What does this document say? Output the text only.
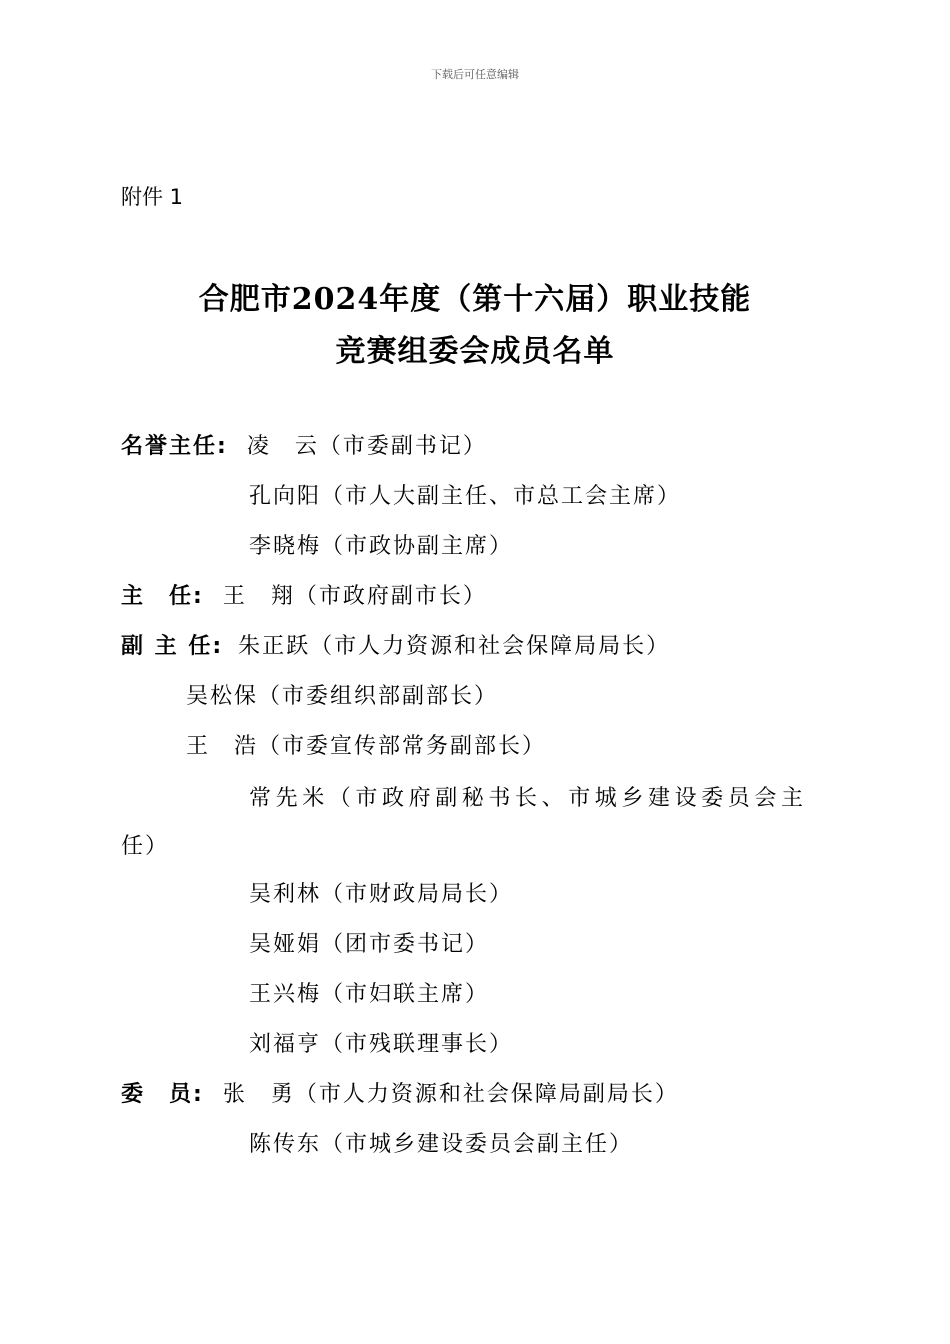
下载后可任意编辑
附件 1
合肥市2024年度（第十六届）职业技能
竞赛组委会成员名单
名誉主任: 凌　云（市委副书记）
孔向阳（市人大副主任、市总工会主席）
李晓梅（市政协副主席）
主　任: 王　翔（市政府副市长）
副 主 任: 朱正跃（市人力资源和社会保障局局长）
吴松保（市委组织部副部长）
王　浩（市委宣传部常务副部长）
常先米（市政府副秘书长、市城乡建设委员会主
任）
吴利林（市财政局局长）
吴娅娟（团市委书记）
王兴梅（市妇联主席）
刘福亨（市残联理事长）
委　员: 张　勇（市人力资源和社会保障局副局长）
陈传东（市城乡建设委员会副主任）
